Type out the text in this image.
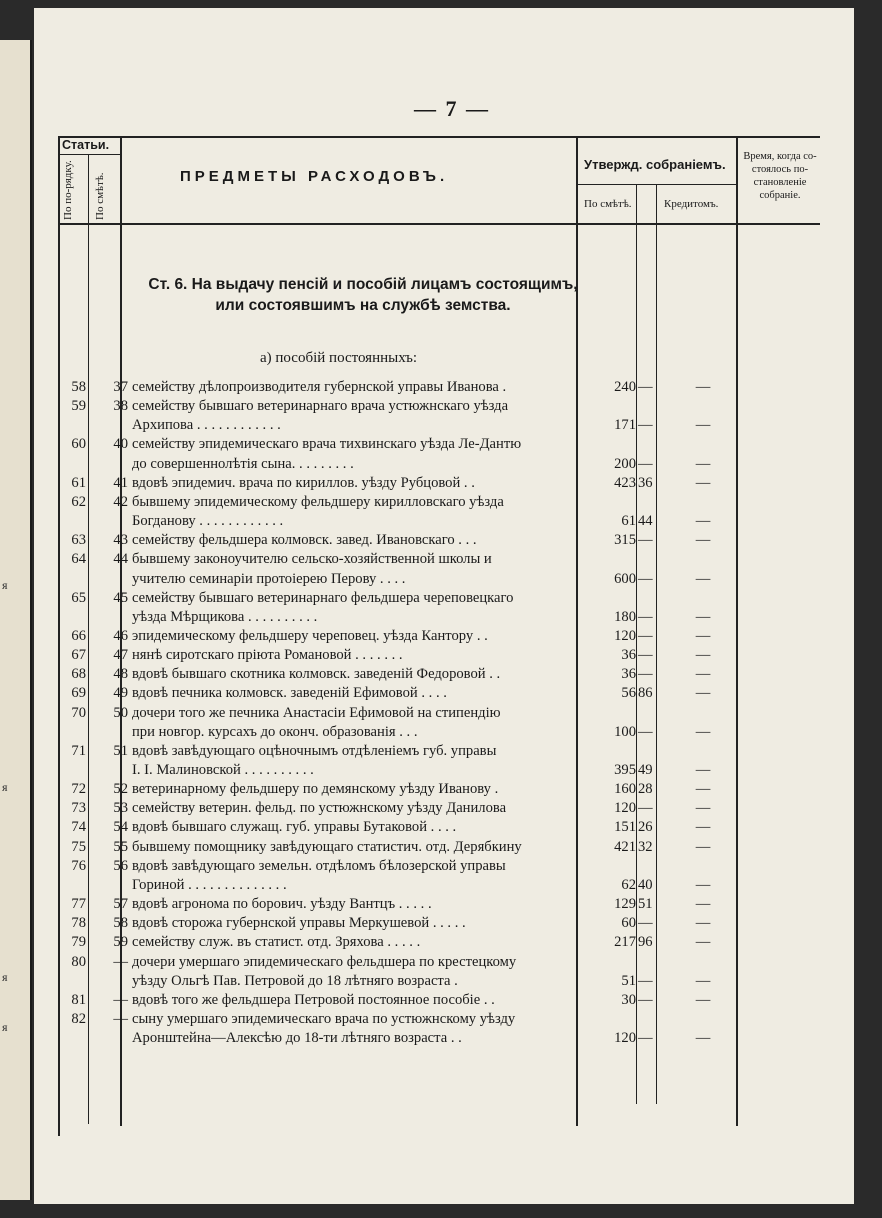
я
я
я
я
— 7 —
Статьи.
По по-рядку. По смѣтѣ.	ПРЕДМЕТЫ РАСХОДОВЪ.
Утвержд. собраніемъ.
По смѣтѣ.	Кредитомъ.
Время, когда со-стоялось по-становленіе собраніе.
Ст. 6. На выдачу пенсій и пособій лицамъ состоящимъ,
или состоявшимъ на службѣ земства.
а) пособій постоянныхъ:
58	37 семейству дѣлопроизводителя губернской управы Иванова .	240 —	—
59	38 семейству бывшаго ветеринарнаго врача устюжнскаго уѣзда
Архипова . . . . . . . . . . . .	171 —	—
60	40 семейству эпидемическаго врача тихвинскаго уѣзда Ле-Дантю
до совершеннолѣтія сына. . . . . . . . .	200 —	—
61	41 вдовѣ эпидемич. врача по кириллов. уѣзду Рубцовой . .	423 36	—
62	42 бывшему эпидемическому фельдшеру кирилловскаго уѣзда
Богданову . . . . . . . . . . . .	61 44	—
63	43 семейству фельдшера колмовск. завед. Ивановскаго . . .	315 —	—
64	44 бывшему законоучителю сельско-хозяйственной школы и
учителю семинаріи протоіерею Перову . . . .	600 —	—
65	45 семейству бывшаго ветеринарнаго фельдшера череповецкаго
уѣзда Мѣрщикова . . . . . . . . . .	180 —	—
66	46 эпидемическому фельдшеру череповец. уѣзда Кантору . .	120 —	—
67	47 нянѣ сиротскаго пріюта Романовой . . . . . . .	36 —	—
68	48 вдовѣ бывшаго скотника колмовск. заведеній Федоровой . .	36 —	—
69	49 вдовѣ печника колмовск. заведеній Ефимовой . . . .	56 86	—
70	50 дочери того же печника Анастасіи Ефимовой на стипендію
при новгор. курсахъ до оконч. образованія . . .	100 —	—
71	51 вдовѣ завѣдующаго оцѣночнымъ отдѣленіемъ губ. управы
I. I. Малиновской . . . . . . . . . .	395 49	—
72	52 ветеринарному фельдшеру по демянскому уѣзду Иванову .	160 28	—
73	53 семейству ветерин. фельд. по устюжнскому уѣзду Данилова	120 —	—
74	54 вдовѣ бывшаго служащ. губ. управы Бутаковой . . . .	151 26	—
75	55 бывшему помощнику завѣдующаго статистич. отд. Дерябкину	421 32	—
76	56 вдовѣ завѣдующаго земельн. отдѣломъ бѣлозерской управы
Гориной . . . . . . . . . . . . . .	62 40	—
77	57 вдовѣ агронома по борович. уѣзду Вантцъ . . . . .	129 51	—
78	58 вдовѣ сторожа губернской управы Меркушевой . . . . .	60 —	—
79	59 семейству служ. въ статист. отд. Зряхова . . . . .	217 96	—
80	— дочери умершаго эпидемическаго фельдшера по крестецкому
уѣзду Ольгѣ Пав. Петровой до 18 лѣтняго возраста .	51 —	—
81	— вдовѣ того же фельдшера Петровой постоянное пособіе . .	30 —	—
82	— сыну умершаго эпидемическаго врача по устюжнскому уѣзду
Аронштейна—Алексѣю до 18-ти лѣтняго возраста . .	120 —	—
